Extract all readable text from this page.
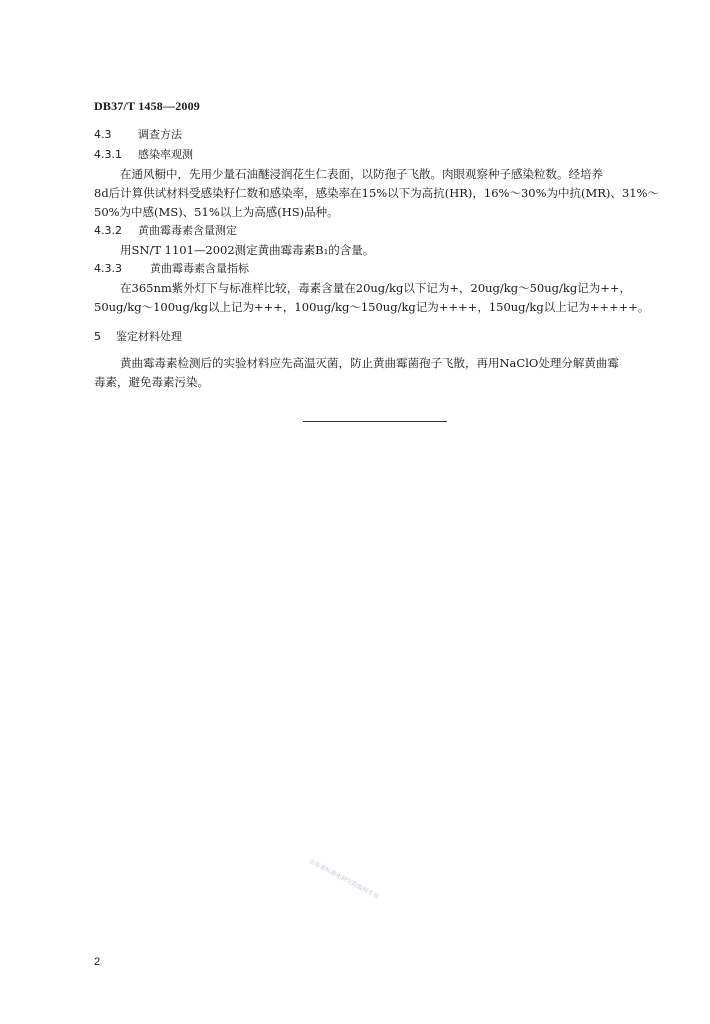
DB37/T 1458—2009
4.3 调查方法
4.3.1 感染率观测
在通风橱中，先用少量石油醚浸润花生仁表面，以防孢子飞散。肉眼观察种子感染粒数。经培养
8d后计算供试材料受感染籽仁数和感染率，感染率在15%以下为高抗(HR)，16%～30%为中抗(MR)、31%～
50%为中感(MS)、51%以上为高感(HS)品种。
4.3.2 黄曲霉毒素含量测定
用SN/T 1101—2002测定黄曲霉毒素B₁的含量。
4.3.3	黄曲霉毒素含量指标
在365nm紫外灯下与标准样比较，毒素含量在20ug/kg以下记为+，20ug/kg～50ug/kg记为++，
50ug/kg～100ug/kg以上记为+++，100ug/kg～150ug/kg记为++++，150ug/kg以上记为+++++。
5 鉴定材料处理
黄曲霉毒素检测后的实验材料应先高温灭菌，防止黄曲霉菌孢子飞散，再用NaClO处理分解黄曲霉
毒素，避免毒素污染。
山东省标准化研究院版权专有
2
